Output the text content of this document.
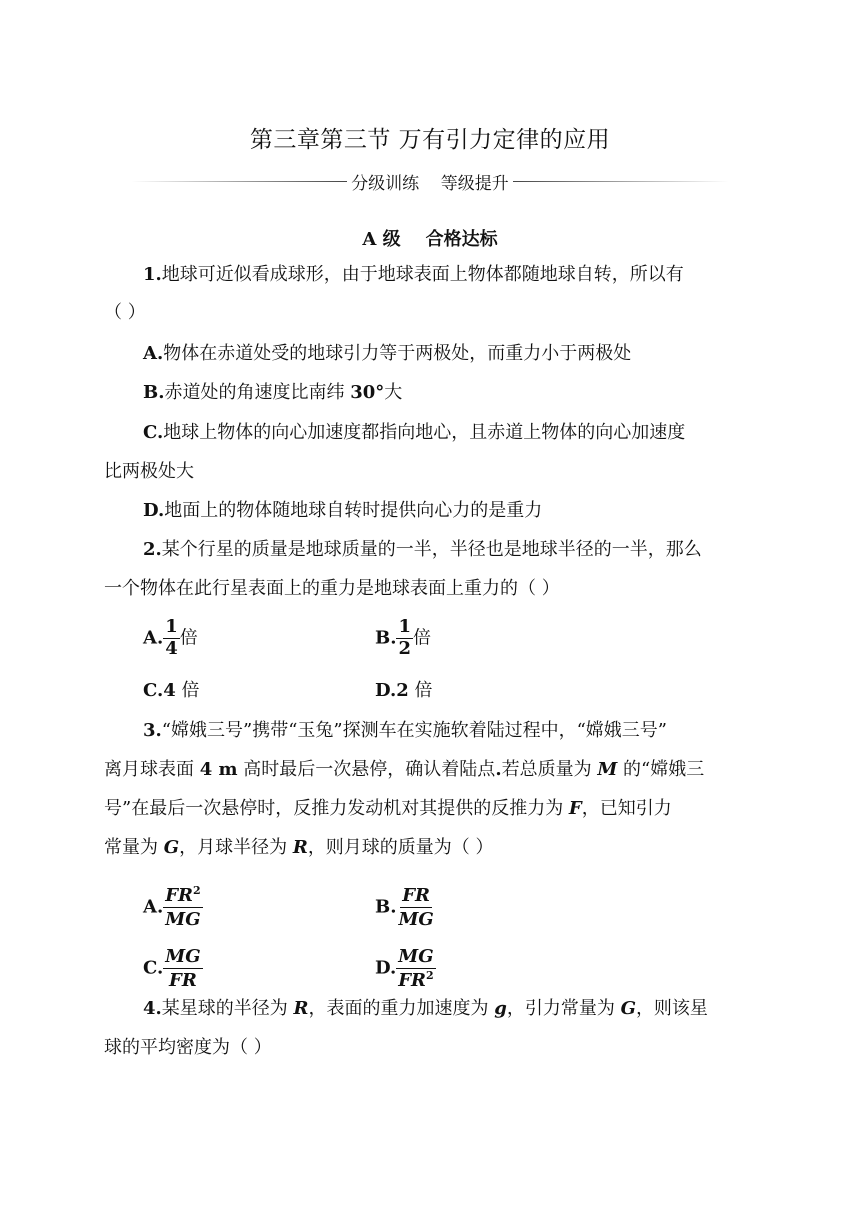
第三章第三节 万有引力定律的应用
分级训练    等级提升
A 级    合格达标
1.地球可近似看成球形，由于地球表面上物体都随地球自转，所以有
（ ）
A.物体在赤道处受的地球引力等于两极处，而重力小于两极处
B.赤道处的角速度比南纬 30°大
C.地球上物体的向心加速度都指向地心，且赤道上物体的向心加速度
比两极处大
D.地面上的物体随地球自转时提供向心力的是重力
2.某个行星的质量是地球质量的一半，半径也是地球半径的一半，那么
一个物体在此行星表面上的重力是地球表面上重力的（ ）
A. $\frac{1}{4}$ 倍	B. $\frac{1}{2}$ 倍
C.4 倍	D.2 倍
3.“嫦娥三号”携带“玉兔”探测车在实施软着陆过程中，“嫦娥三号”
离月球表面 4 m 高时最后一次悬停，确认着陆点.若总质量为 M 的“嫦娥三
号”在最后一次悬停时，反推力发动机对其提供的反推力为 F，已知引力
常量为 G，月球半径为 R，则月球的质量为（ ）
A. $\frac{FR^2}{MG}$	B. $\frac{FR}{MG}$
C. $\frac{MG}{FR}$	D. $\frac{MG}{FR^2}$
4.某星球的半径为 R，表面的重力加速度为 g，引力常量为 G，则该星
球的平均密度为（ ）
